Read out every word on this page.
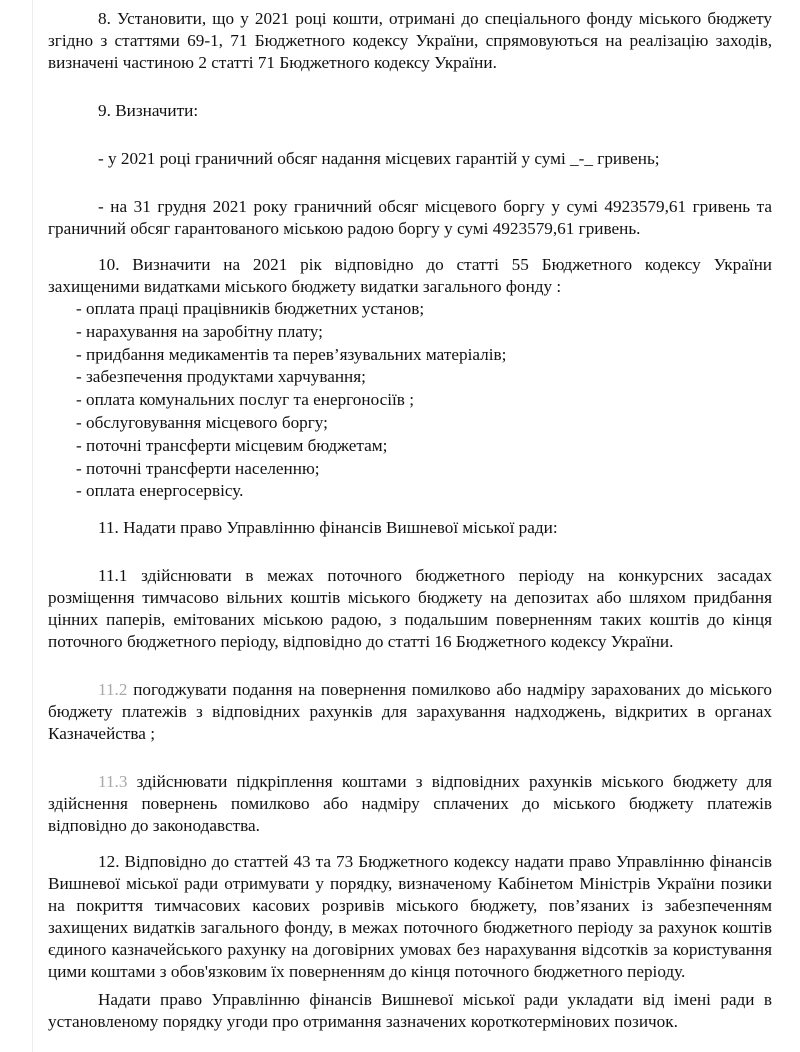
8. Установити, що у 2021 році кошти, отримані до спеціального фонду міського бюджету згідно з статтями 69-1, 71 Бюджетного кодексу України, спрямовуються на реалізацію заходів, визначені частиною 2 статті 71 Бюджетного кодексу України.

9. Визначити:

- у 2021 році граничний обсяг надання місцевих гарантій у сумі _-_ гривень;

- на 31 грудня 2021 року граничний обсяг місцевого боргу у сумі 4923579,61 гривень та граничний обсяг гарантованого міською радою боргу у сумі 4923579,61 гривень.

10. Визначити на 2021 рік відповідно до статті 55 Бюджетного кодексу України захищеними видатками міського бюджету видатки загального фонду :

- оплата праці працівників бюджетних установ;
- нарахування на заробітну плату;
- придбання медикаментів та перев’язувальних матеріалів;
- забезпечення продуктами харчування;
- оплата комунальних послуг та енергоносіїв ;
- обслуговування місцевого боргу;
- поточні трансферти місцевим бюджетам;
- поточні трансферти населенню;
- оплата енергосервісу.

11. Надати право Управлінню фінансів Вишневої міської ради:

11.1 здійснювати в межах поточного бюджетного періоду на конкурсних засадах розміщення тимчасово вільних коштів міського бюджету на депозитах або шляхом придбання цінних паперів, емітованих міською радою, з подальшим поверненням таких коштів до кінця поточного бюджетного періоду, відповідно до статті 16 Бюджетного кодексу України.

11.2 погоджувати подання на повернення помилково або надміру зарахованих до міського бюджету платежів з відповідних рахунків для зарахування надходжень, відкритих в органах Казначейства ;

11.3 здійснювати підкріплення коштами з відповідних рахунків міського бюджету для здійснення повернень помилково або надміру сплачених до міського бюджету платежів відповідно до законодавства.

12. Відповідно до статтей 43 та 73 Бюджетного кодексу надати право Управлінню фінансів Вишневої міської ради отримувати у порядку, визначеному Кабінетом Міністрів України позики на покриття тимчасових касових розривів міського бюджету, пов’язаних із забезпеченням захищених видатків загального фонду, в межах поточного бюджетного періоду за рахунок коштів єдиного казначейського рахунку на договірних умовах без нарахування відсотків за користування цими коштами з обов'язковим їх поверненням до кінця поточного бюджетного періоду.

Надати право Управлінню фінансів Вишневої міської ради укладати від імені ради в установленому порядку угоди про отримання зазначених короткотермінових позичок.
